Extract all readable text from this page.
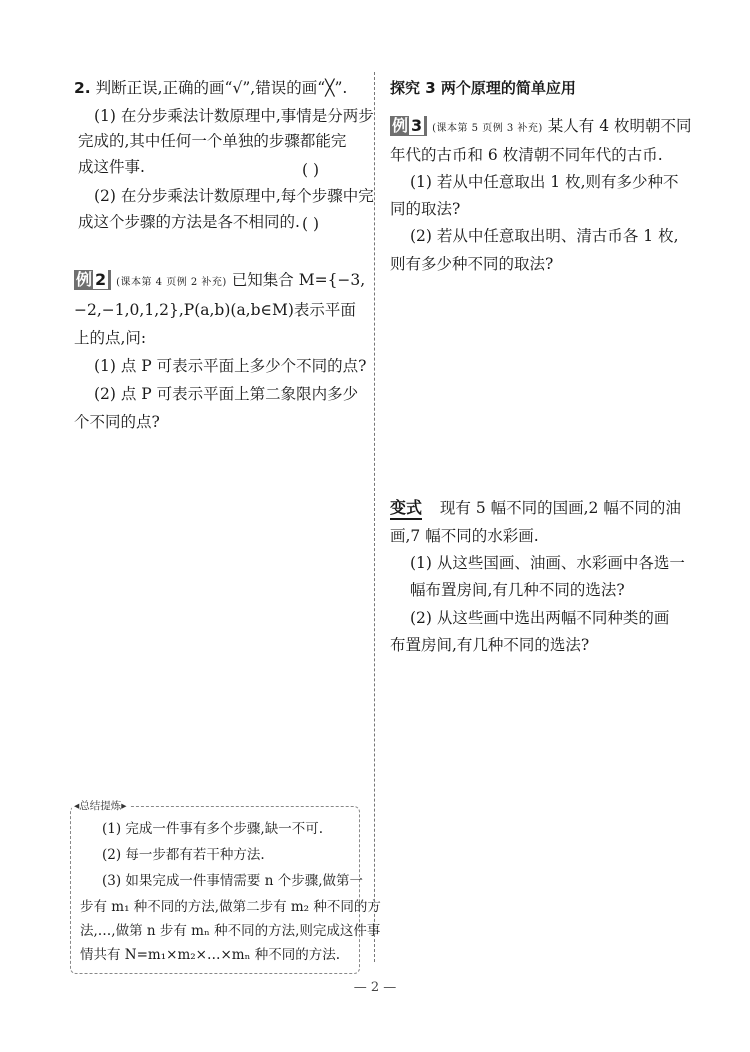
2. 判断正误,正确的画“√”,错误的画“╳”.
(1) 在分步乘法计数原理中,事情是分两步
完成的,其中任何一个单独的步骤都能完
成这件事.	( )
(2) 在分步乘法计数原理中,每个步骤中完
成这个步骤的方法是各不相同的. ( )
例 2 (课本第 4 页例 2 补充) 已知集合 M={−3,
−2,−1,0,1,2},P(a,b)(a,b∈M)表示平面
上的点,问:
(1) 点 P 可表示平面上多少个不同的点?
(2) 点 P 可表示平面上第二象限内多少
个不同的点?
◂总结提炼▸
(1) 完成一件事有多个步骤,缺一不可.
(2) 每一步都有若干种方法.
(3) 如果完成一件事情需要 n 个步骤,做第一
步有 m₁ 种不同的方法,做第二步有 m₂ 种不同的方
法,…,做第 n 步有 mₙ 种不同的方法,则完成这件事
情共有 N=m₁×m₂×…×mₙ 种不同的方法.
探究 3 两个原理的简单应用
例 3 (课本第 5 页例 3 补充) 某人有 4 枚明朝不同
年代的古币和 6 枚清朝不同年代的古币.
(1) 若从中任意取出 1 枚,则有多少种不
同的取法?
(2) 若从中任意取出明、清古币各 1 枚,
则有多少种不同的取法?
变式 现有 5 幅不同的国画,2 幅不同的油
画,7 幅不同的水彩画.
(1) 从这些国画、油画、水彩画中各选一
幅布置房间,有几种不同的选法?
(2) 从这些画中选出两幅不同种类的画
布置房间,有几种不同的选法?
— 2 —
